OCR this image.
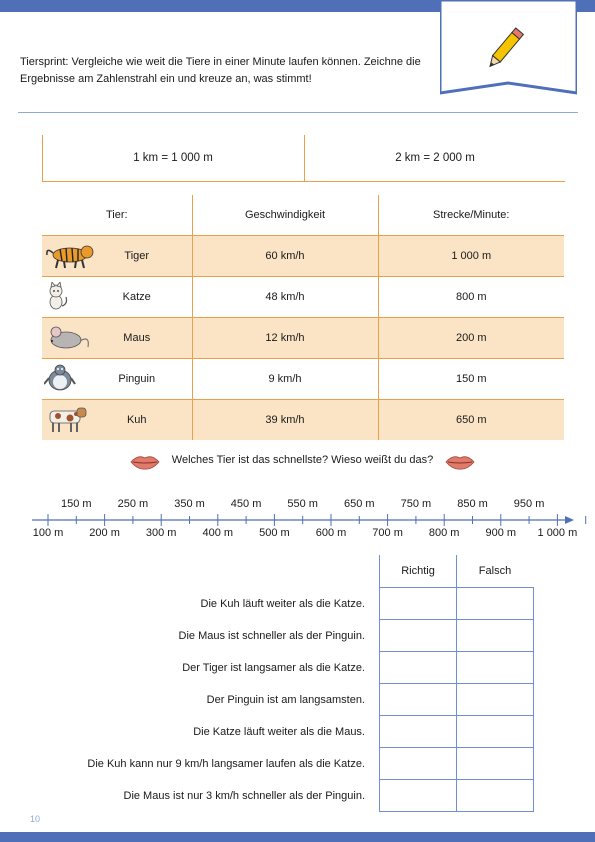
Tiersprint: Vergleiche wie weit die Tiere in einer Minute laufen können. Zeichne die
Ergebnisse am Zahlenstrahl ein und kreuze an, was stimmt!
1 km = 1 000 m	2 km = 2 000 m
Tier:	Geschwindigkeit	Strecke/Minute:

Tiger	60 km/h	1 000 m

Katze	48 km/h	800 m

Maus	12 km/h	200 m

Pinguin	9 km/h	150 m

Kuh	39 km/h	650 m
Welches Tier ist das schnellste? Wieso weißt du das?
150 m 250 m 350 m 450 m 550 m 650 m 750 m 850 m 950 m
100 m 200 m 300 m 400 m 500 m 600 m 700 m 800 m 900 m 1 000 m
	Richtig	Falsch
Die Kuh läuft weiter als die Katze.		
Die Maus ist schneller als der Pinguin.		
Der Tiger ist langsamer als die Katze.		
Der Pinguin ist am langsamsten.		
Die Katze läuft weiter als die Maus.		
Die Kuh kann nur 9 km/h langsamer laufen als die Katze.		
Die Maus ist nur 3 km/h schneller als der Pinguin.		
10
